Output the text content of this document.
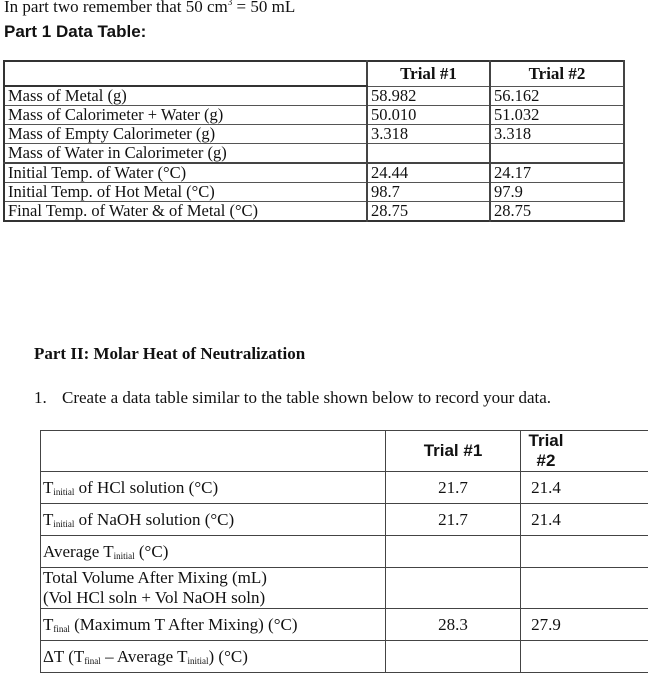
In part two remember that 50 $cm^3 = 50$ mL
Part 1 Data Table:
	Trial #1	Trial #2
Mass of Metal (g)	58.982	56.162
Mass of Calorimeter + Water (g)	50.010	51.032
Mass of Empty Calorimeter (g)	3.318	3.318
Mass of Water in Calorimeter (g)		
Initial Temp. of Water (°C)	24.44	24.17
Initial Temp. of Hot Metal (°C)	98.7	97.9
Final Temp. of Water & of Metal (°C)	28.75	28.75
Part II: Molar Heat of Neutralization
1. Create a data table similar to the table shown below to record your data.
	Trial #1	Trial #2
$T_{initial}$ of HCl solution (°C)	21.7	21.4
$T_{initial}$ of NaOH solution (°C)	21.7	21.4
Average $T_{initial}$ (°C)		

Total Volume After Mixing (mL)
(Vol HCl soln + Vol NaOH soln)		

$T_{final}$ (Maximum T After Mixing) (°C)	28.3	27.9
ΔT ($T_{final}$ – Average $T_{initial}$) (°C)		
